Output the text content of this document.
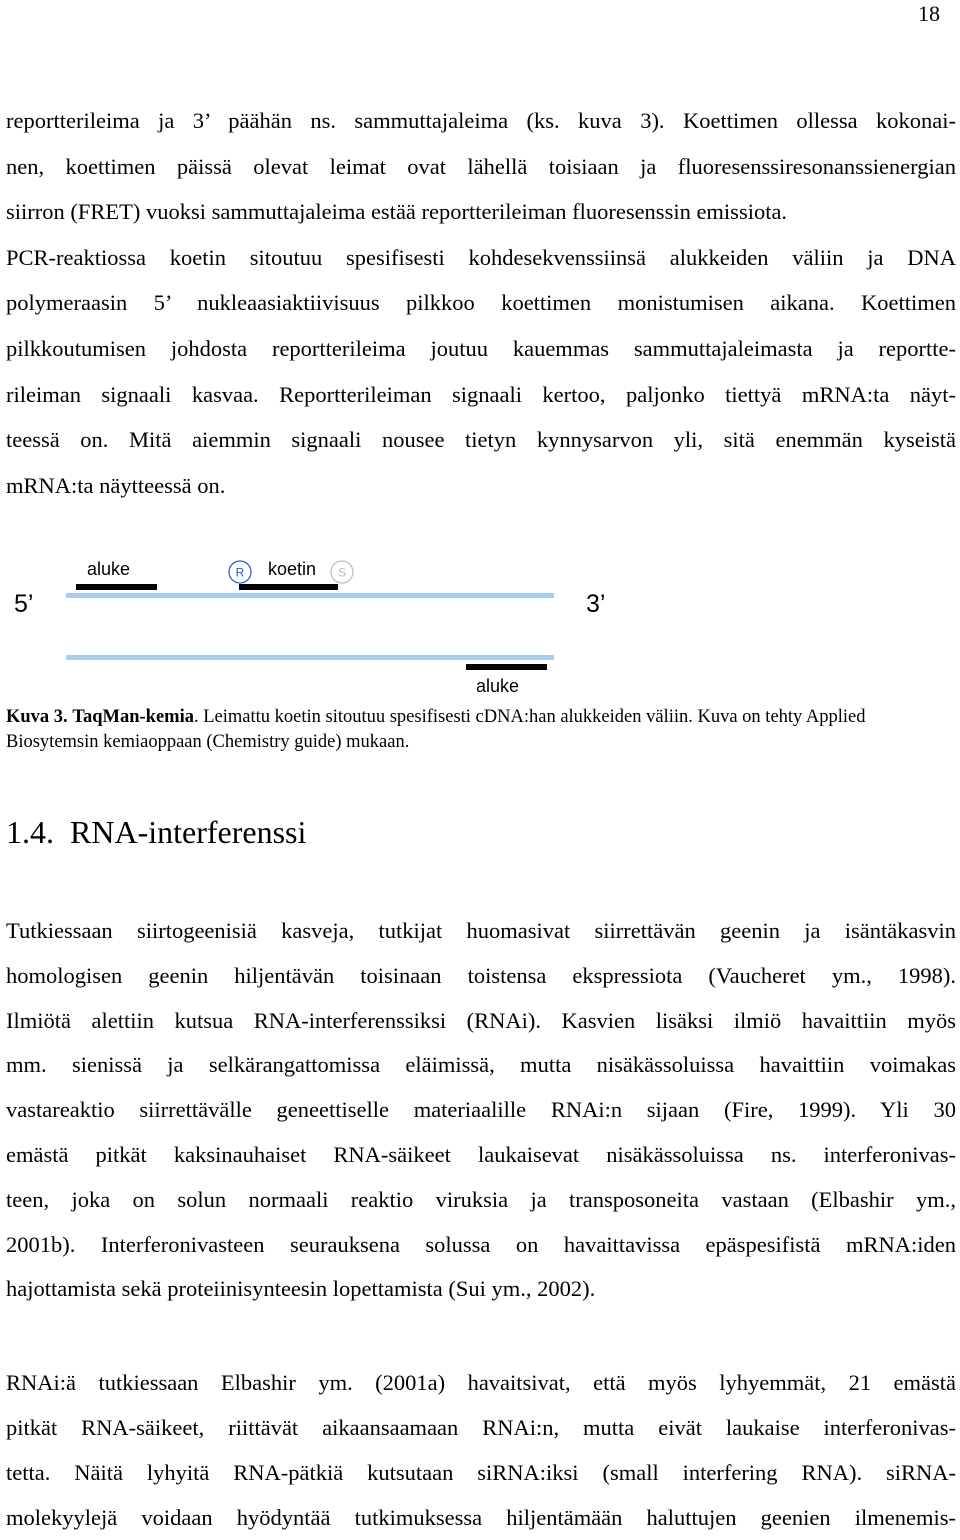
18
reportterileima ja 3’ päähän ns. sammuttajaleima (ks. kuva 3). Koettimen ollessa kokonai-
nen, koettimen päissä olevat leimat ovat lähellä toisiaan ja fluoresenssiresonanssienergian
siirron (FRET) vuoksi sammuttajaleima estää reportterileiman fluoresenssin emissiota.
PCR-reaktiossa koetin sitoutuu spesifisesti kohdesekvenssiinsä alukkeiden väliin ja DNA
polymeraasin 5’ nukleaasiaktiivisuus pilkkoo koettimen monistumisen aikana. Koettimen
pilkkoutumisen johdosta reportterileima joutuu kauemmas sammuttajaleimasta ja reportte-
rileiman signaali kasvaa. Reportterileiman signaali kertoo, paljonko tiettyä mRNA:ta näyt-
teessä on. Mitä aiemmin signaali nousee tietyn kynnysarvon yli, sitä enemmän kyseistä
mRNA:ta näytteessä on.
R	S
aluke	koetin
5’	3’
aluke
Kuva 3. TaqMan-kemia. Leimattu koetin sitoutuu spesifisesti cDNA:han alukkeiden väliin. Kuva on tehty Applied Biosytemsin kemiaoppaan (Chemistry guide) mukaan.
1.4. RNA-interferenssi
Tutkiessaan siirtogeenisiä kasveja, tutkijat huomasivat siirrettävän geenin ja isäntäkasvin
homologisen geenin hiljentävän toisinaan toistensa ekspressiota (Vaucheret ym., 1998).
Ilmiötä alettiin kutsua RNA-interferenssiksi (RNAi). Kasvien lisäksi ilmiö havaittiin myös
mm. sienissä ja selkärangattomissa eläimissä, mutta nisäkässoluissa havaittiin voimakas
vastareaktio siirrettävälle geneettiselle materiaalille RNAi:n sijaan (Fire, 1999). Yli 30
emästä pitkät kaksinauhaiset RNA-säikeet laukaisevat nisäkässoluissa ns. interferonivas-
teen, joka on solun normaali reaktio viruksia ja transposoneita vastaan (Elbashir ym.,
2001b). Interferonivasteen seurauksena solussa on havaittavissa epäspesifistä mRNA:iden
hajottamista sekä proteiinisynteesin lopettamista (Sui ym., 2002).
RNAi:ä tutkiessaan Elbashir ym. (2001a) havaitsivat, että myös lyhyemmät, 21 emästä
pitkät RNA-säikeet, riittävät aikaansaamaan RNAi:n, mutta eivät laukaise interferonivas-
tetta. Näitä lyhyitä RNA-pätkiä kutsutaan siRNA:iksi (small interfering RNA). siRNA-
molekyylejä voidaan hyödyntää tutkimuksessa hiljentämään haluttujen geenien ilmenemis-
